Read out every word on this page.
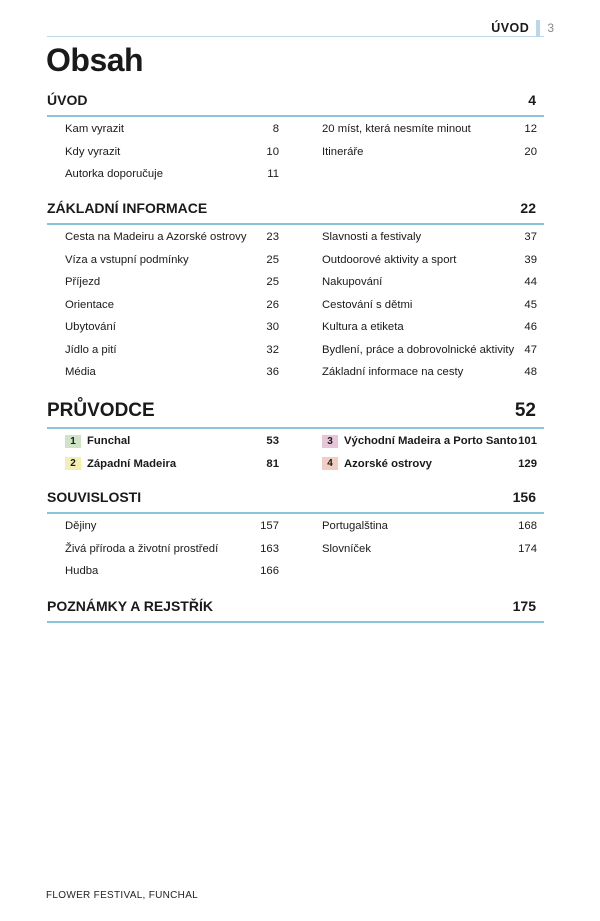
ÚVOD 3
Obsah
ÚVOD	4
Kam vyrazit	8
Kdy vyrazit	10
Autorka doporučuje	11
20 míst, která nesmíte minout	12
Itineráře	20
ZÁKLADNÍ INFORMACE	22
Cesta na Madeiru a Azorské ostrovy 23
Víza a vstupní podmínky	25
Příjezd	25
Orientace	26
Ubytování	30
Jídlo a pití	32
Média	36
Slavnosti a festivaly	37
Outdoorové aktivity a sport	39
Nakupování	44
Cestování s dětmi	45
Kultura a etiketa	46
Bydlení, práce a dobrovolnické aktivity 47
Základní informace na cesty	48
PRŮVODCE	52
1 Funchal	53
2 Západní Madeira	81
3 Východní Madeira a Porto Santo 101
4 Azorské ostrovy	129
SOUVISLOSTI	156
Dějiny	157
Živá příroda a životní prostředí	163
Hudba	166
Portugalština	168
Slovníček	174
POZNÁMKY A REJSTŘÍK	175
FLOWER FESTIVAL, FUNCHAL
